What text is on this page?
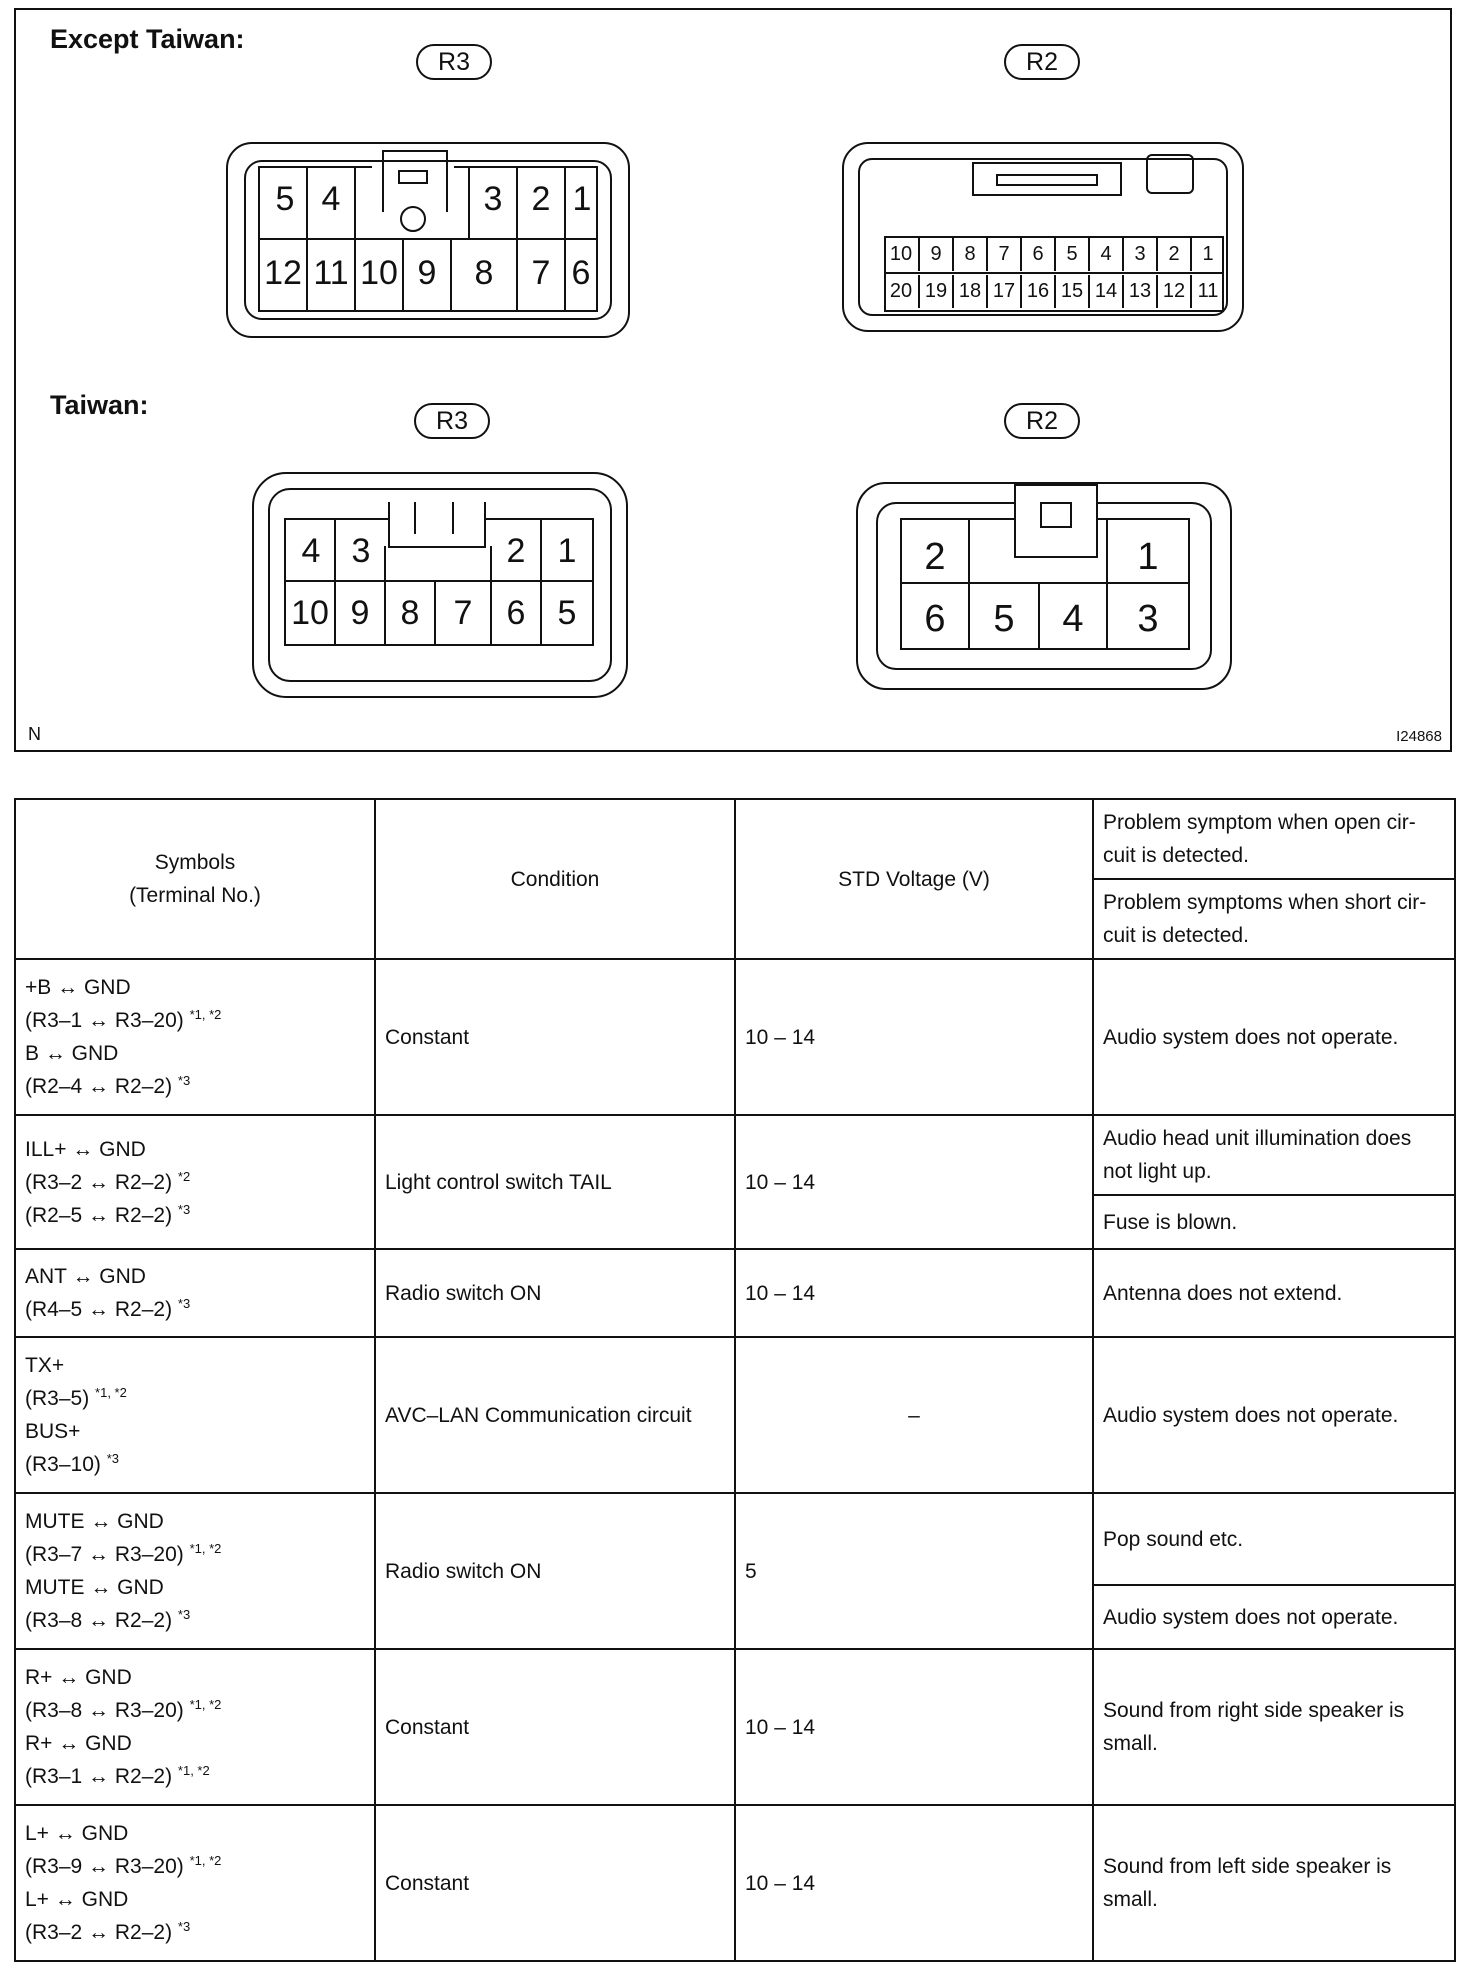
Except Taiwan:
Taiwan:
R3	R2
R3	R2
5 4	3 2 1
12 11 10 9	8	7 6	10 9	8	7	6	5	4	3	2	1
20 19 18 17 16 15 14 13 12 11
4 3	2 1
10 9 8	7	6 5
2	1
6	5	4	3
N	I24868
Symbols
(Terminal No.)	Condition	STD Voltage (V)	Problem symptom when open cir-cuit is detected.
			Problem symptoms when short cir-cuit is detected.

+B ↔ GND
(R3–1 ↔ R3–20) $^{*1, *2}$
B ↔ GND
(R2–4 ↔ R2–2) $^{*3}$	Constant	10 – 14	Audio system does not operate.

ILL+ ↔ GND
(R3–2 ↔ R2–2) $^{*2}$
(R2–5 ↔ R2–2) $^{*3}$	Light control switch TAIL	10 – 14	Audio head unit illumination does not light up.
			Fuse is blown.

ANT ↔ GND
(R4–5 ↔ R2–2) $^{*3}$	Radio switch ON	10 – 14	Antenna does not extend.

TX+
(R3–5) $^{*1, *2}$
BUS+
(R3–10) $^{*3}$	AVC–LAN Communication circuit	–	Audio system does not operate.

MUTE ↔ GND
(R3–7 ↔ R3–20) $^{*1, *2}$
MUTE ↔ GND
(R3–8 ↔ R2–2) $^{*3}$	Radio switch ON	5	Pop sound etc.
			Audio system does not operate.

R+ ↔ GND
(R3–8 ↔ R3–20) $^{*1, *2}$
R+ ↔ GND
(R3–1 ↔ R2–2) $^{*1, *2}$	Constant	10 – 14	Sound from right side speaker is small.

L+ ↔ GND
(R3–9 ↔ R3–20) $^{*1, *2}$
L+ ↔ GND
(R3–2 ↔ R2–2) $^{*3}$	Constant	10 – 14	Sound from left side speaker is small.
